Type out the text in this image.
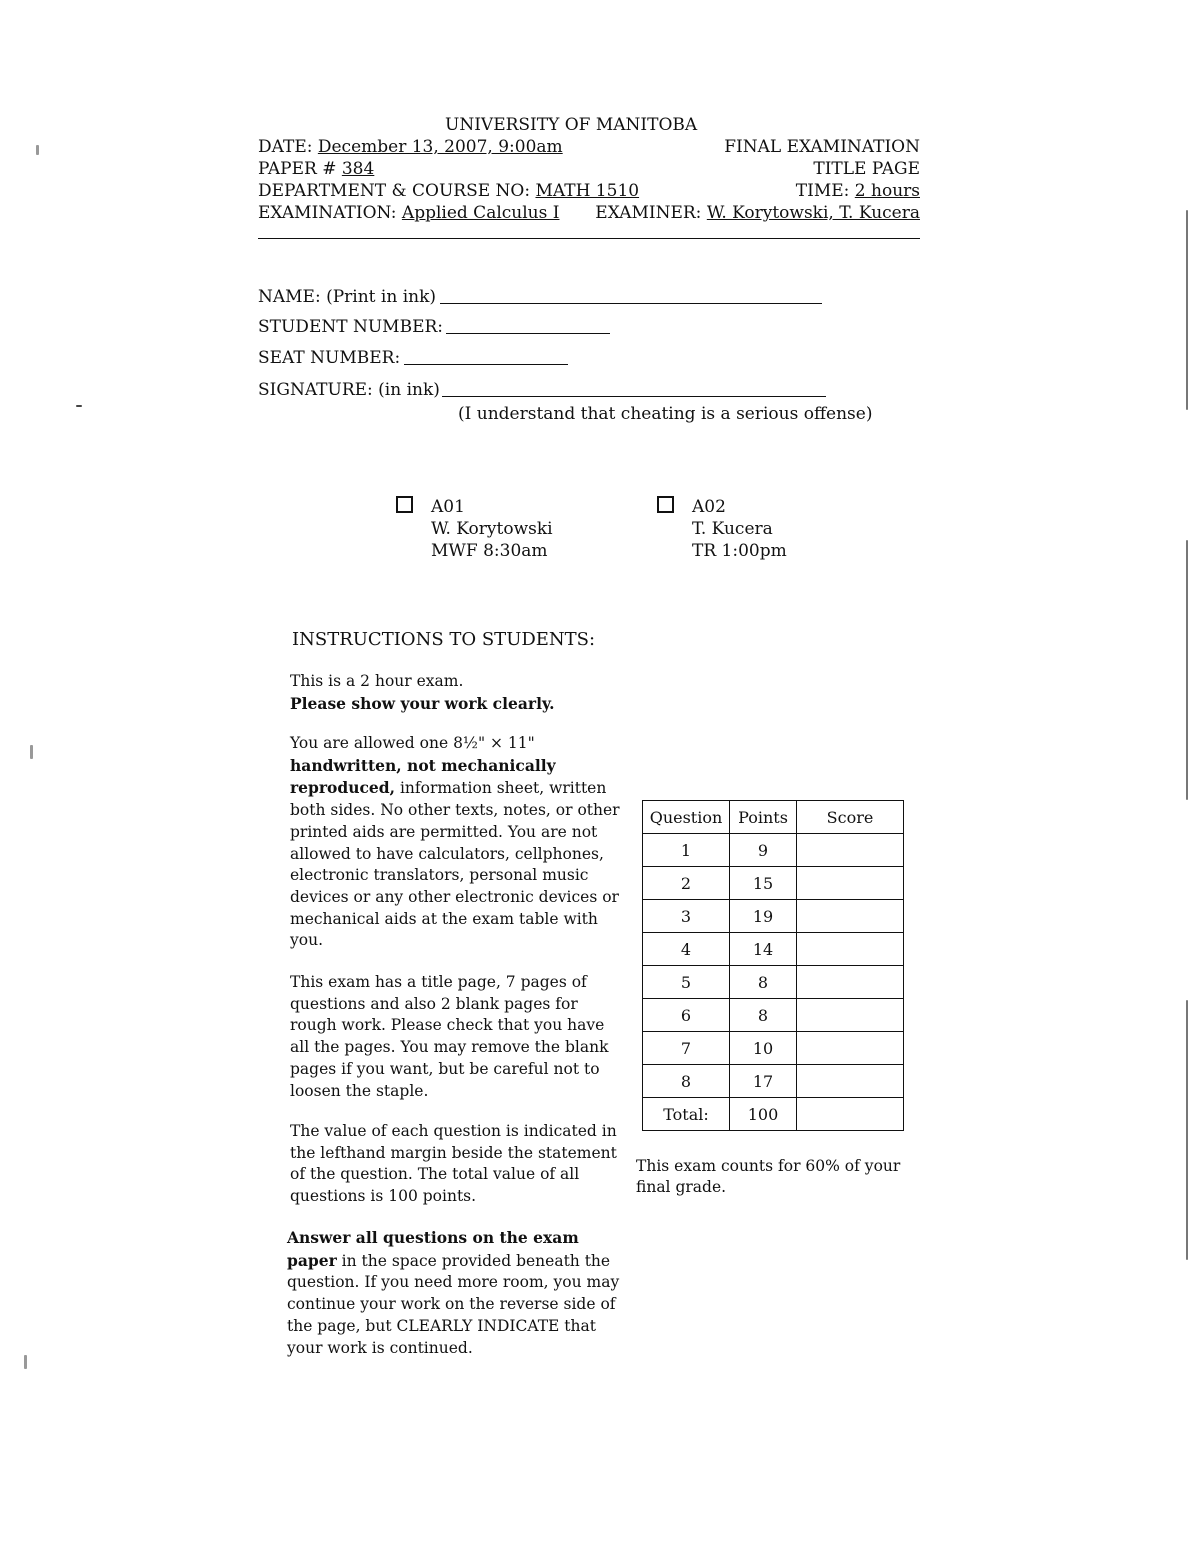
UNIVERSITY OF MANITOBA
DATE: December 13, 2007, 9:00am	FINAL EXAMINATION
PAPER # 384	TITLE PAGE
DEPARTMENT & COURSE NO: MATH 1510	TIME: 2 hours
EXAMINATION: Applied Calculus I EXAMINER: W. Korytowski, T. Kucera
NAME: (Print in ink)
STUDENT NUMBER:
SEAT NUMBER:
SIGNATURE: (in ink)
(I understand that cheating is a serious offense)
A01
W. Korytowski
MWF 8:30am
A02
T. Kucera
TR 1:00pm
INSTRUCTIONS TO STUDENTS:
This is a 2 hour exam.
Please show your work clearly.
You are allowed one 8½" × 11"
handwritten, not mechanically reproduced, information sheet, written both sides. No other texts, notes, or other printed aids are permitted. You are not allowed to have calculators, cellphones, electronic translators, personal music devices or any other electronic devices or mechanical aids at the exam table with you.
This exam has a title page, 7 pages of questions and also 2 blank pages for rough work. Please check that you have all the pages. You may remove the blank pages if you want, but be careful not to loosen the staple.
The value of each question is indicated in the lefthand margin beside the statement of the question. The total value of all questions is 100 points.
Answer all questions on the exam paper in the space provided beneath the question. If you need more room, you may continue your work on the reverse side of the page, but CLEARLY INDICATE that your work is continued.
Question	Points	Score
1	9	
2	15	
3	19	
4	14	
5	8	
6	8	
7	10	
8	17	
Total:	100	
This exam counts for 60% of your final grade.
